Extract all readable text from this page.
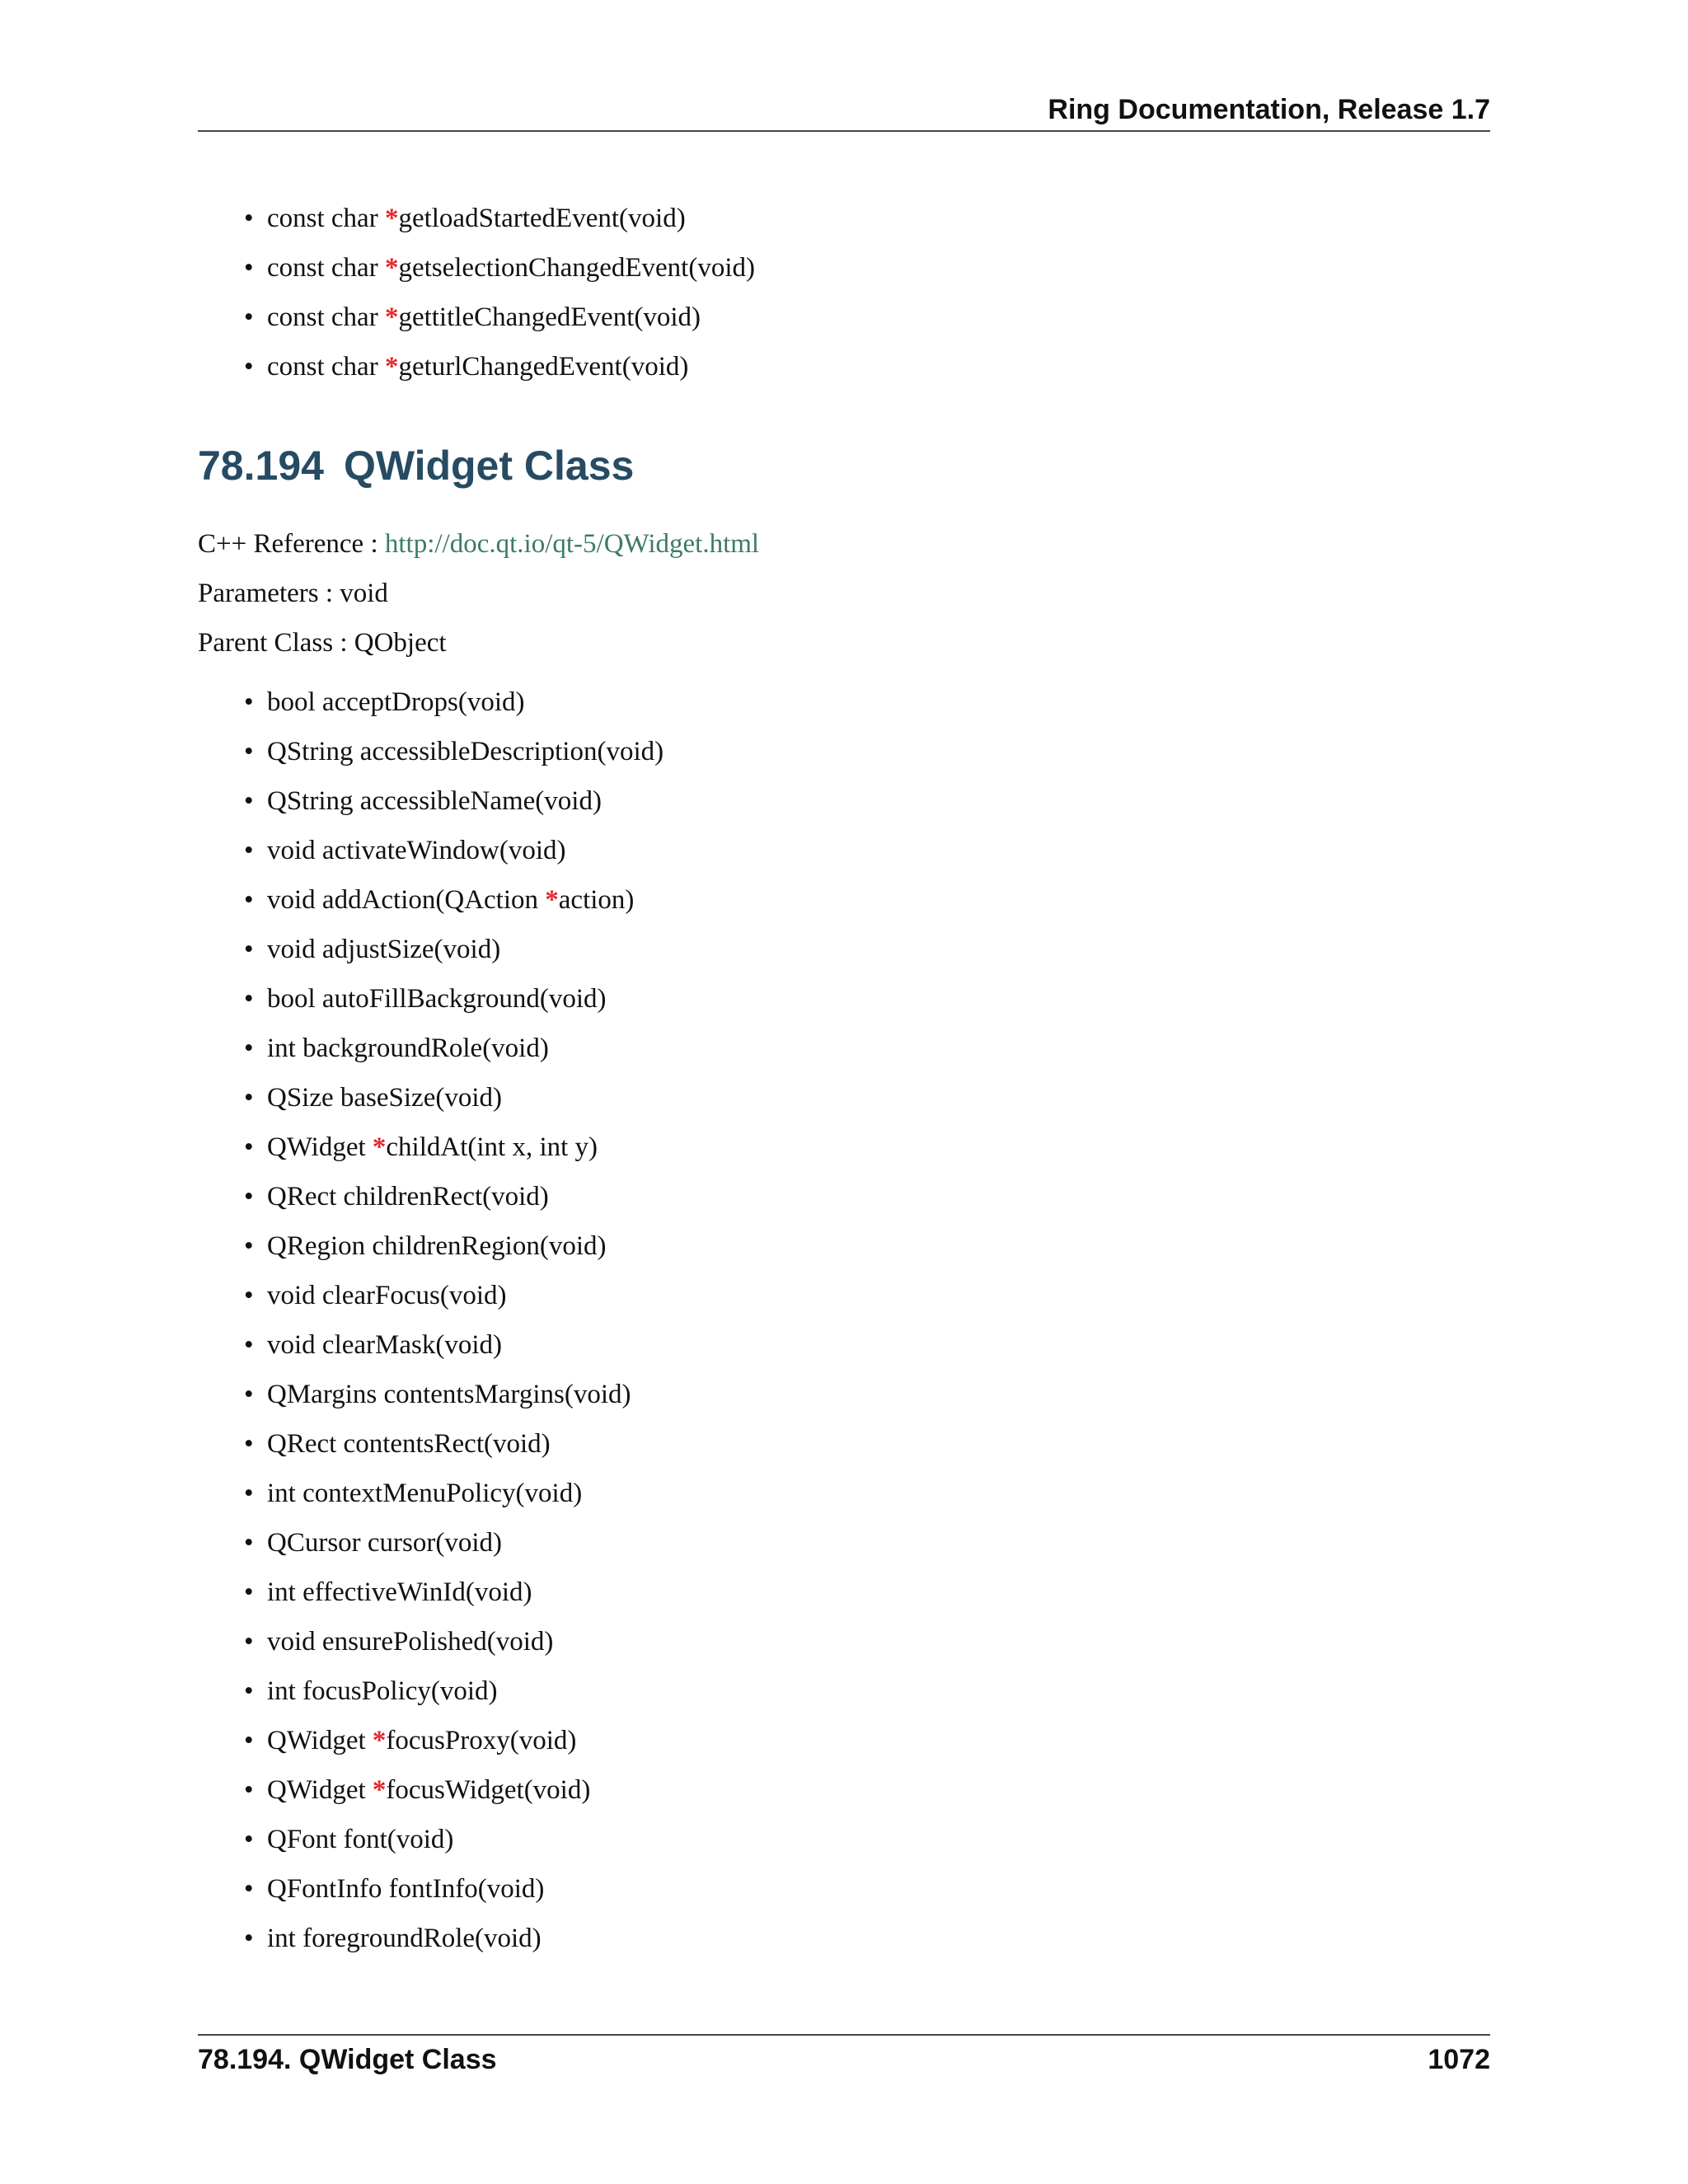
Ring Documentation, Release 1.7
• const char *getloadStartedEvent(void)
• const char *getselectionChangedEvent(void)
• const char *gettitleChangedEvent(void)
• const char *geturlChangedEvent(void)
78.194 QWidget Class
C++ Reference : http://doc.qt.io/qt-5/QWidget.html
Parameters : void
Parent Class : QObject
• bool acceptDrops(void)
• QString accessibleDescription(void)
• QString accessibleName(void)
• void activateWindow(void)
• void addAction(QAction *action)
• void adjustSize(void)
• bool autoFillBackground(void)
• int backgroundRole(void)
• QSize baseSize(void)
• QWidget *childAt(int x, int y)
• QRect childrenRect(void)
• QRegion childrenRegion(void)
• void clearFocus(void)
• void clearMask(void)
• QMargins contentsMargins(void)
• QRect contentsRect(void)
• int contextMenuPolicy(void)
• QCursor cursor(void)
• int effectiveWinId(void)
• void ensurePolished(void)
• int focusPolicy(void)
• QWidget *focusProxy(void)
• QWidget *focusWidget(void)
• QFont font(void)
• QFontInfo fontInfo(void)
• int foregroundRole(void)
78.194. QWidget Class	1072
